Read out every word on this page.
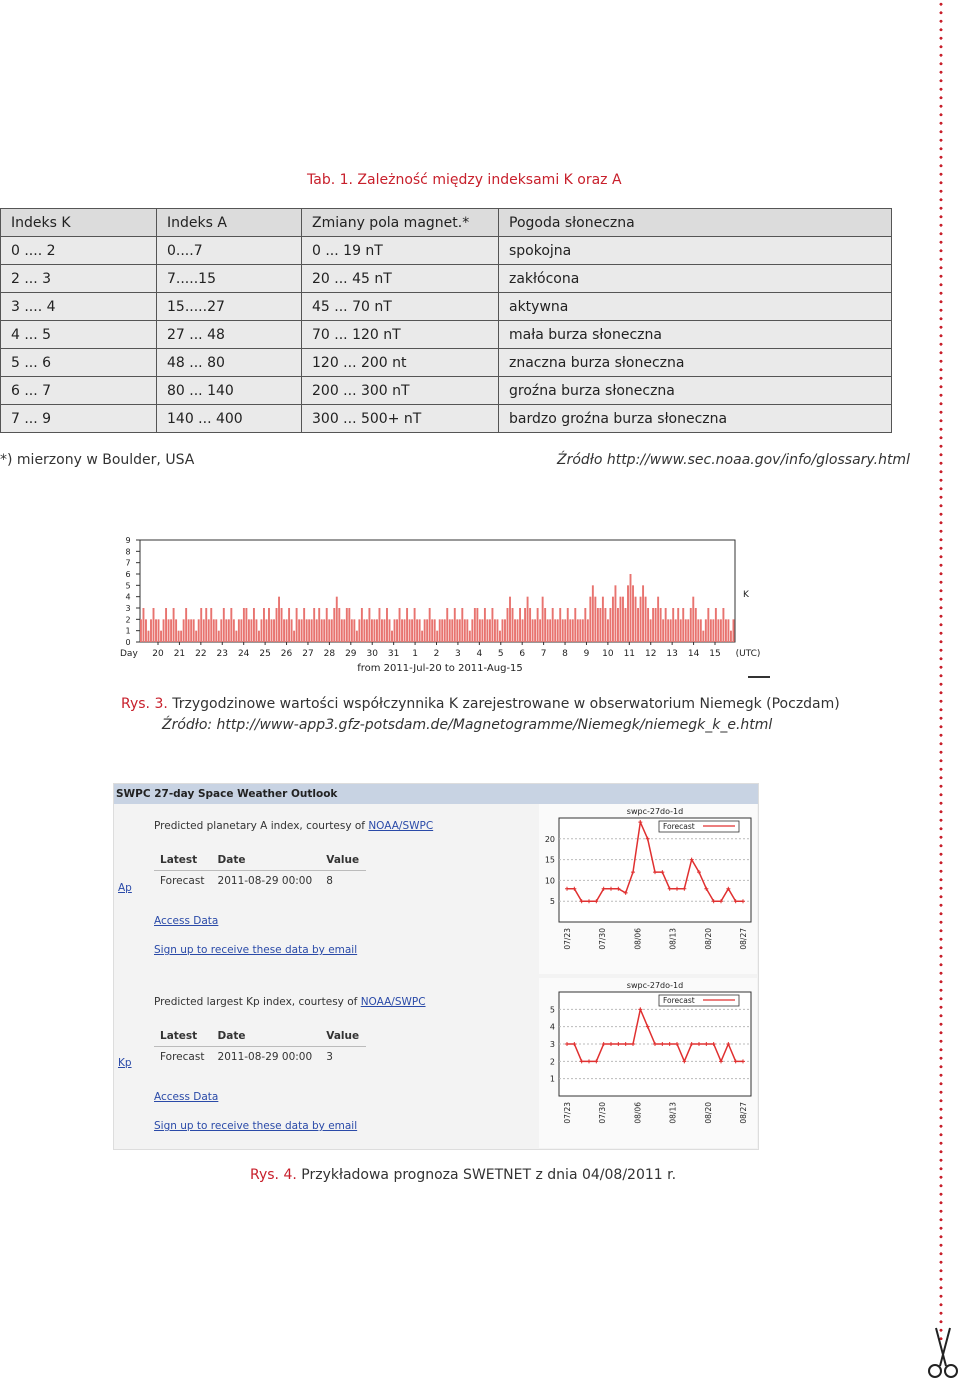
Tab. 1. Zależność między indeksami K oraz A
Indeks K	Indeks A	Zmiany pola magnet.*	Pogoda słoneczna
0 .... 2	0....7	0 ... 19 nT	spokojna
2 ... 3	7.....15	20 ... 45 nT	zakłócona
3 .... 4	15.....27	45 ... 70 nT	aktywna
4 ... 5	27 ... 48	70 ... 120 nT	mała burza słoneczna
5 ... 6	48 ... 80	120 ... 200 nt	znaczna burza słoneczna
6 ... 7	80 ... 140	200 ... 300 nT	groźna burza słoneczna
7 ... 9	140 ... 400	300 ... 500+ nT	bardzo groźna burza słoneczna
*) mierzony w Boulder, USA	Źródło http://www.sec.noaa.gov/info/glossary.html
0
1
2
3
4
5
6
7
8
9
K
Day 20 21 22 23 24 25 26 27 28 29 30 31 1 2 3 4 5 6 7 8 9 10 11 12 13 14 15 (UTC)
from 2011-Jul-20 to 2011-Aug-15
Rys. 3. Trzygodzinowe wartości współczynnika K zarejestrowane w obserwatorium Niemegk (Poczdam)
Źródło: http://www-app3.gfz-potsdam.de/Magnetogramme/Niemegk/niemegk_k_e.html
SWPC 27-day Space Weather Outlook
Predicted planetary A index, courtesy of NOAA/SWPC
Latest	Date	Value
Forecast	2011-08-29 00:00	8
Ap
Access Data
Sign up to receive these data by email
Predicted largest Kp index, courtesy of NOAA/SWPC
Latest	Date	Value
Forecast	2011-08-29 00:00	3
Kp
Access Data
Sign up to receive these data by email
swpc-27do-1d
5
10
15
20
Forecast
07/23	07/30	08/06	08/13	08/20	08/27
swpc-27do-1d
1
2
3
4
5
Forecast
07/23	07/30	08/06	08/13	08/20	08/27
Rys. 4. Przykładowa prognoza SWETNET z dnia 04/08/2011 r.
